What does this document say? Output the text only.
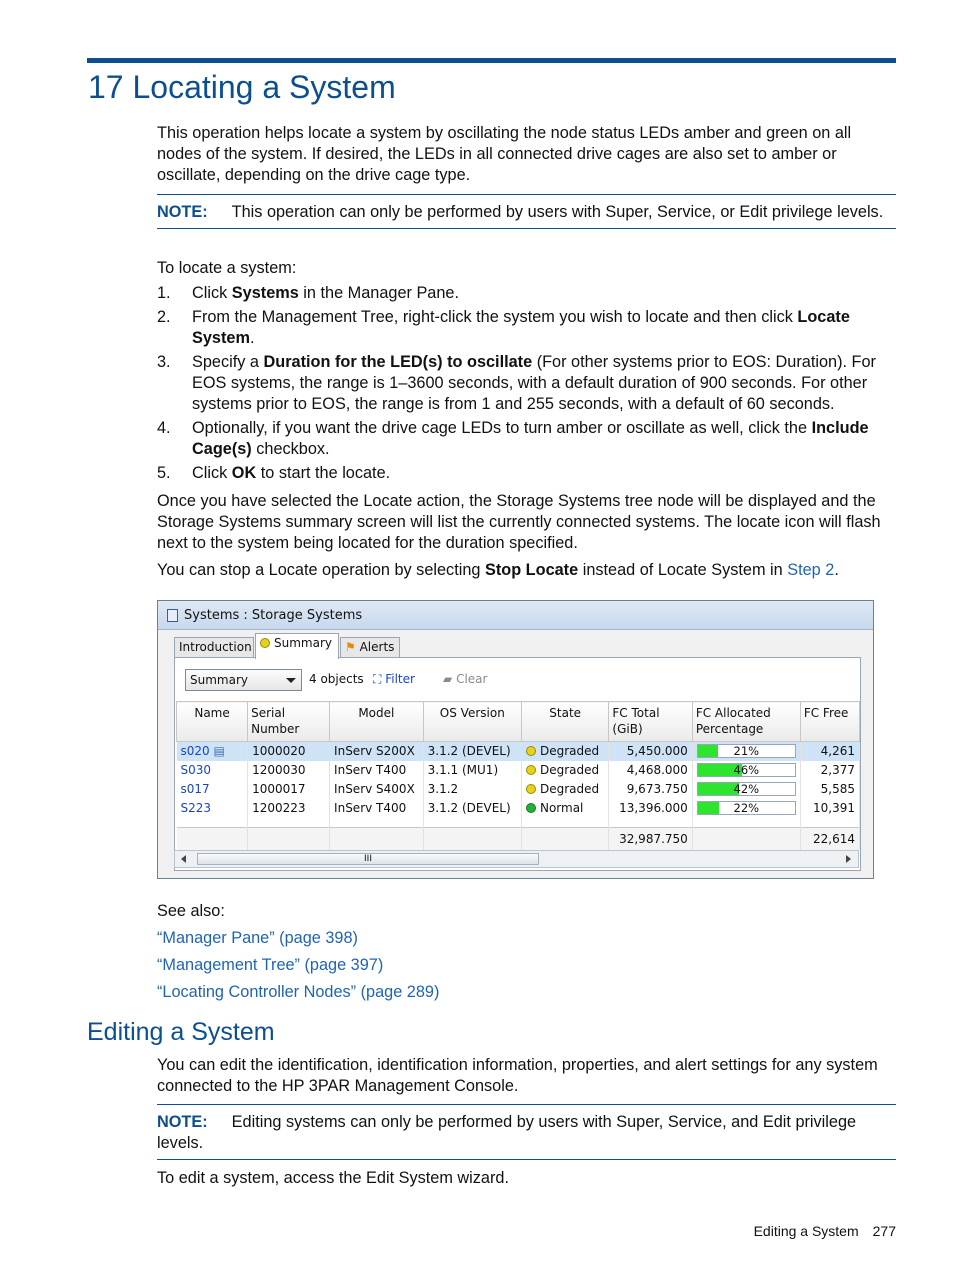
17 Locating a System

This operation helps locate a system by oscillating the node status LEDs amber and green on all nodes of the system. If desired, the LEDs in all connected drive cages are also set to amber or oscillate, depending on the drive cage type.

NOTE: This operation can only be performed by users with Super, Service, or Edit privilege levels.

To locate a system:

1. Click Systems in the Manager Pane.
2. From the Management Tree, right-click the system you wish to locate and then click Locate System.
3. Specify a Duration for the LED(s) to oscillate (For other systems prior to EOS: Duration). For EOS systems, the range is 1–3600 seconds, with a default duration of 900 seconds. For other systems prior to EOS, the range is from 1 and 255 seconds, with a default of 60 seconds.
4. Optionally, if you want the drive cage LEDs to turn amber or oscillate as well, click the Include Cage(s) checkbox.
5. Click OK to start the locate.

Once you have selected the Locate action, the Storage Systems tree node will be displayed and the Storage Systems summary screen will list the currently connected systems. The locate icon will flash next to the system being located for the duration specified.

You can stop a Locate operation by selecting Stop Locate instead of Locate System in Step 2.

Systems : Storage Systems
Introduction	Summary	⚑ Alerts
Summary	4 objects ⛶ Filter ▰ Clear
Name	Serial Number	Model	OS Version	State	FC Total (GiB)	FC Allocated Percentage	FC Free
s020 ▤	1000020	InServ S200X	3.1.2 (DEVEL)	Degraded	5,450.000	21%	4,261
S030	1200030	InServ T400	3.1.1 (MU1)	Degraded	4,468.000	46%	2,377
s017	1000017	InServ S400X	3.1.2	Degraded	9,673.750	42%	5,585
S223	1200223	InServ T400	3.1.2 (DEVEL)	Normal	13,396.000	22%	10,391

					32,987.750		22,614
III
See also:
“Manager Pane” (page 398)
“Management Tree” (page 397)
“Locating Controller Nodes” (page 289)
Editing a System

You can edit the identification, identification information, properties, and alert settings for any system connected to the HP 3PAR Management Console.

NOTE: Editing systems can only be performed by users with Super, Service, and Edit privilege levels.

To edit a system, access the Edit System wizard.

Editing a System 277
